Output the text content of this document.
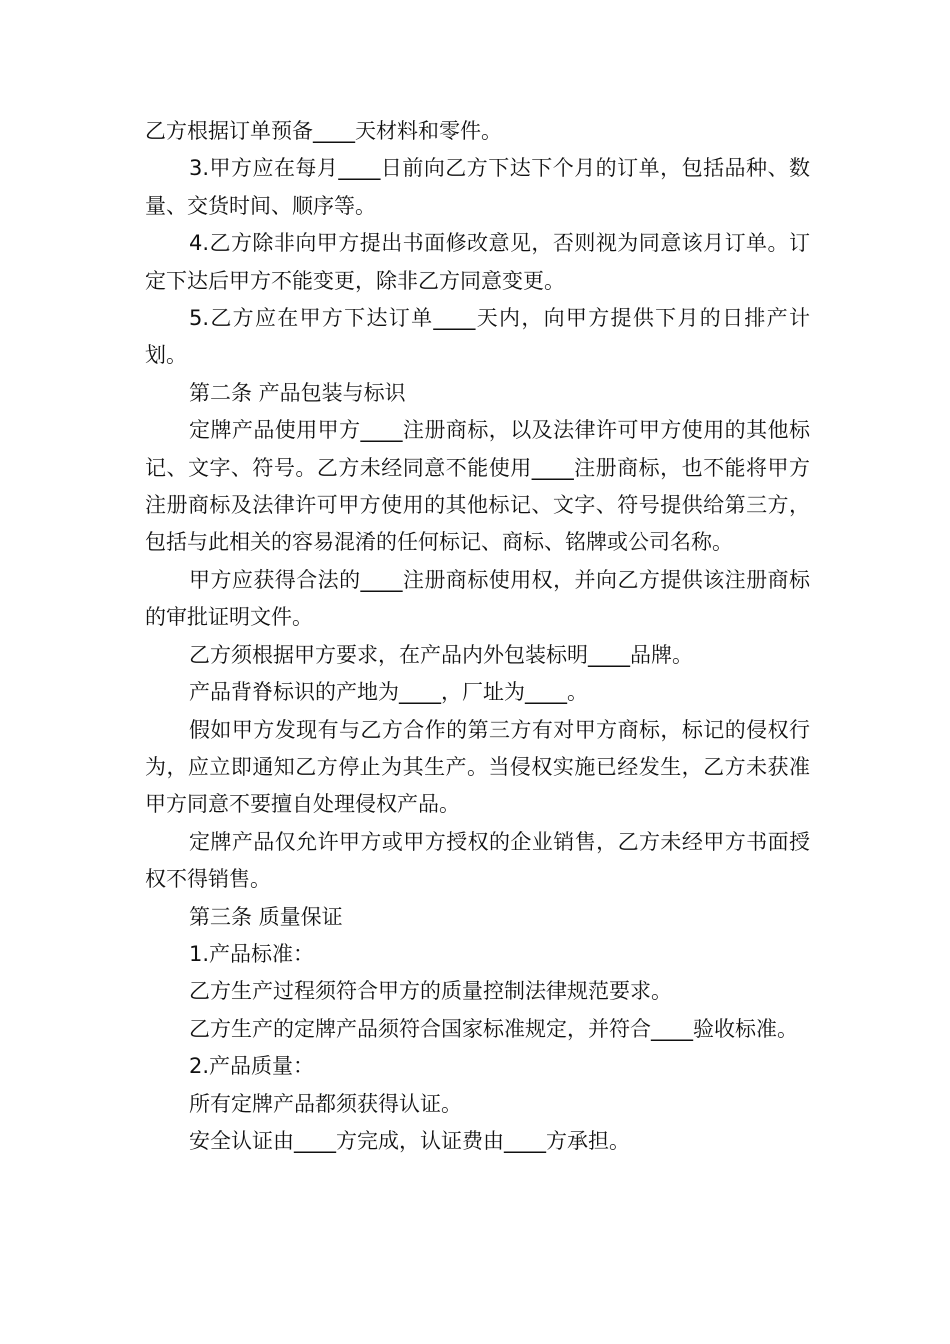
乙方根据订单预备____天材料和零件。

3.甲方应在每月____日前向乙方下达下个月的订单，包括品种、数量、交货时间、顺序等。

4.乙方除非向甲方提出书面修改意见，否则视为同意该月订单。订定下达后甲方不能变更，除非乙方同意变更。

5.乙方应在甲方下达订单____天内，向甲方提供下月的日排产计划。

第二条 产品包装与标识

定牌产品使用甲方____注册商标，以及法律许可甲方使用的其他标记、文字、符号。乙方未经同意不能使用____注册商标，也不能将甲方注册商标及法律许可甲方使用的其他标记、文字、符号提供给第三方，包括与此相关的容易混淆的任何标记、商标、铭牌或公司名称。

甲方应获得合法的____注册商标使用权，并向乙方提供该注册商标的审批证明文件。

乙方须根据甲方要求，在产品内外包装标明____品牌。

产品背脊标识的产地为____，厂址为____。

假如甲方发现有与乙方合作的第三方有对甲方商标，标记的侵权行为，应立即通知乙方停止为其生产。当侵权实施已经发生，乙方未获准甲方同意不要擅自处理侵权产品。

定牌产品仅允许甲方或甲方授权的企业销售，乙方未经甲方书面授权不得销售。

第三条 质量保证

1.产品标准：

乙方生产过程须符合甲方的质量控制法律规范要求。

乙方生产的定牌产品须符合国家标准规定，并符合____验收标准。

2.产品质量：

所有定牌产品都须获得认证。

安全认证由____方完成，认证费由____方承担。
